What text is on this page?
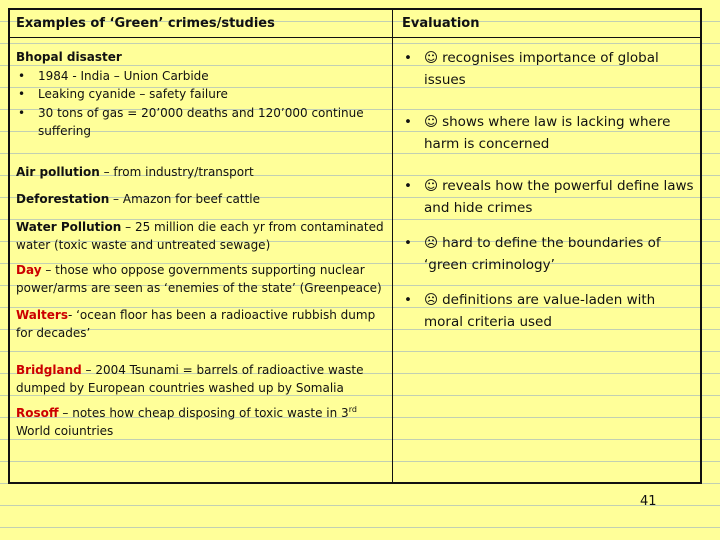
Examples of ‘Green’ crimes/studies	Evaluation
Bhopal disaster
• 1984 - India – Union Carbide
• Leaking cyanide – safety failure
• 30 tons of gas = 20’000 deaths and 120’000 continue suffering
Air pollution – from industry/transport
Deforestation – Amazon for beef cattle
Water Pollution – 25 million die each yr from contaminated water (toxic waste and untreated sewage)
Day – those who oppose governments supporting nuclear power/arms are seen as ‘enemies of the state’ (Greenpeace)
Walters- ‘ocean floor has been a radioactive rubbish dump for decades’
Bridgland – 2004 Tsunami = barrels of radioactive waste dumped by European countries washed up by Somalia
Rosoff – notes how cheap disposing of toxic waste in 3rd World coiuntries
• ☺ recognises importance of global issues
• ☺ shows where law is lacking where harm is concerned
• ☺ reveals how the powerful define laws and hide crimes
• ☹ hard to define the boundaries of ‘green criminology’
• ☹ definitions are value-laden with moral criteria used
41
